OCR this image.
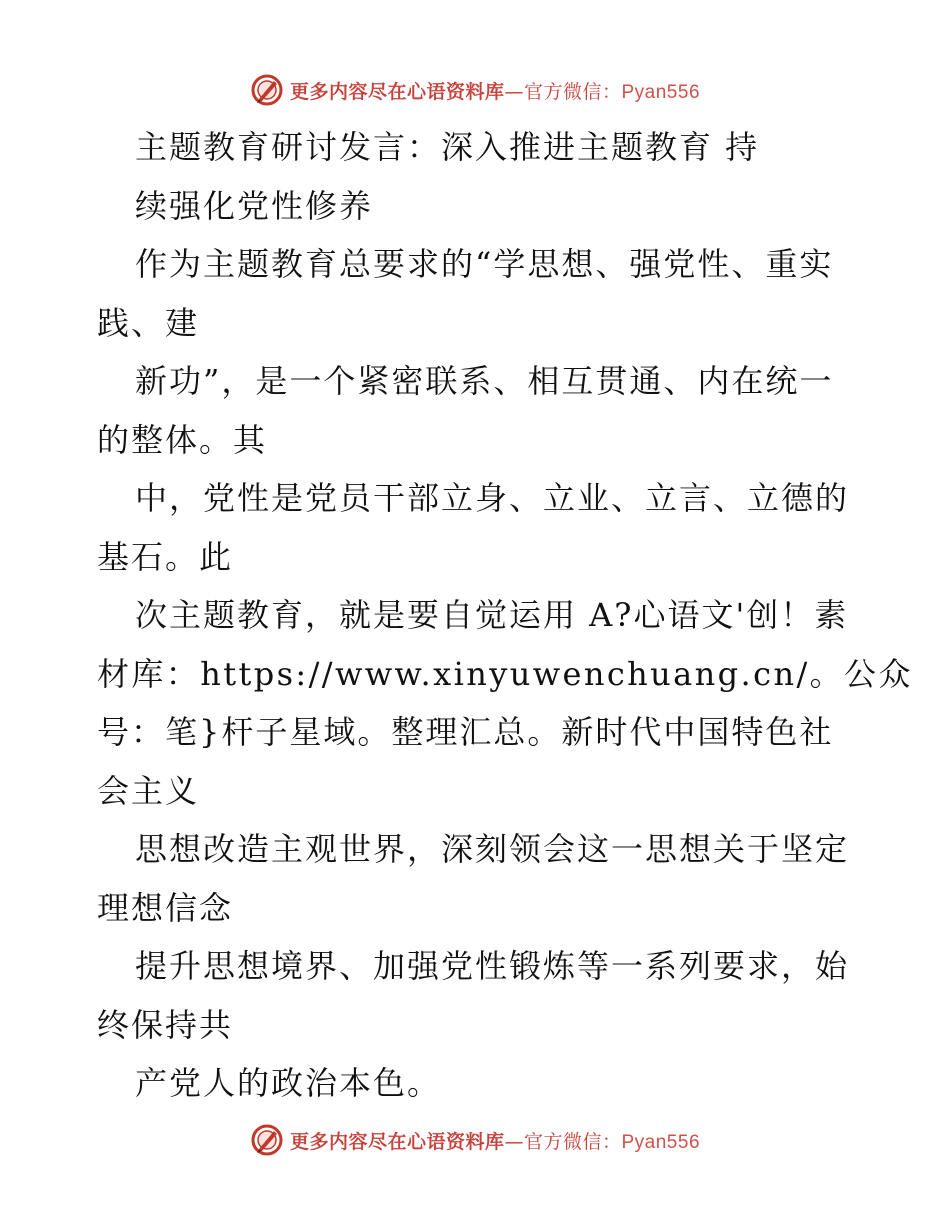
更多内容尽在心语资料库—官方微信：Pyan556
主题教育研讨发言：深入推进主题教育 持
续强化党性修养
作为主题教育总要求的“学思想、强党性、重实
践、建
新功”，是一个紧密联系、相互贯通、内在统一
的整体。其
中，党性是党员干部立身、立业、立言、立德的
基石。此
次主题教育，就是要自觉运用 A?心语文'创！素
材库：https://www.xinyuwenchuang.cn/。公众
号：笔}杆子星域。整理汇总。新时代中国特色社
会主义
思想改造主观世界，深刻领会这一思想关于坚定
理想信念
提升思想境界、加强党性锻炼等一系列要求，始
终保持共
产党人的政治本色。
更多内容尽在心语资料库—官方微信：Pyan556
